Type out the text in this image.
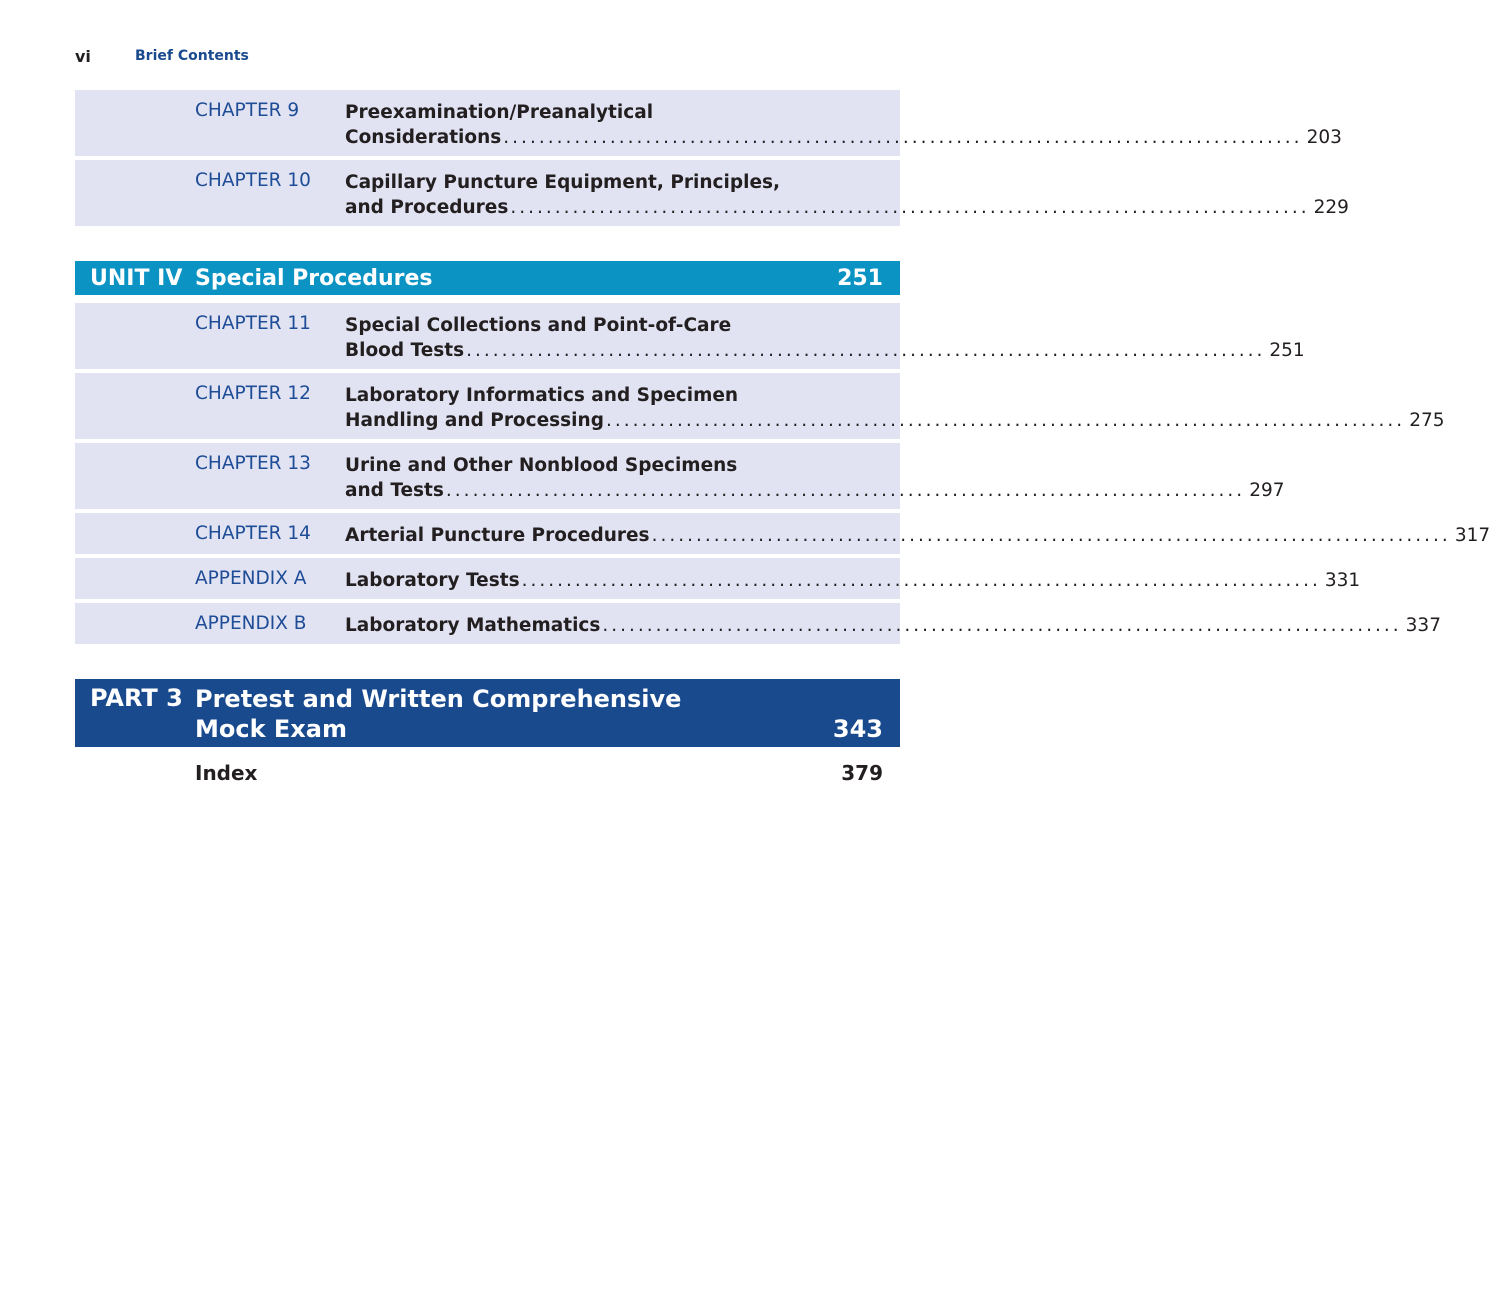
vi	Brief Contents
CHAPTER 9 Preexamination/Preanalytical
Considerations .......................................................................................... 203
CHAPTER 10 Capillary Puncture Equipment, Principles,
and Procedures .......................................................................................... 229
UNIT IV Special Procedures	251
CHAPTER 11 Special Collections and Point-of-Care
Blood Tests .......................................................................................... 251
CHAPTER 12 Laboratory Informatics and Specimen
Handling and Processing .......................................................................................... 275
CHAPTER 13 Urine and Other Nonblood Specimens
and Tests .......................................................................................... 297
CHAPTER 14 Arterial Puncture Procedures .......................................................................................... 317
APPENDIX A Laboratory Tests .......................................................................................... 331
APPENDIX B Laboratory Mathematics .......................................................................................... 337
PART 3 Pretest and Written Comprehensive
Mock Exam	343
Index	379
